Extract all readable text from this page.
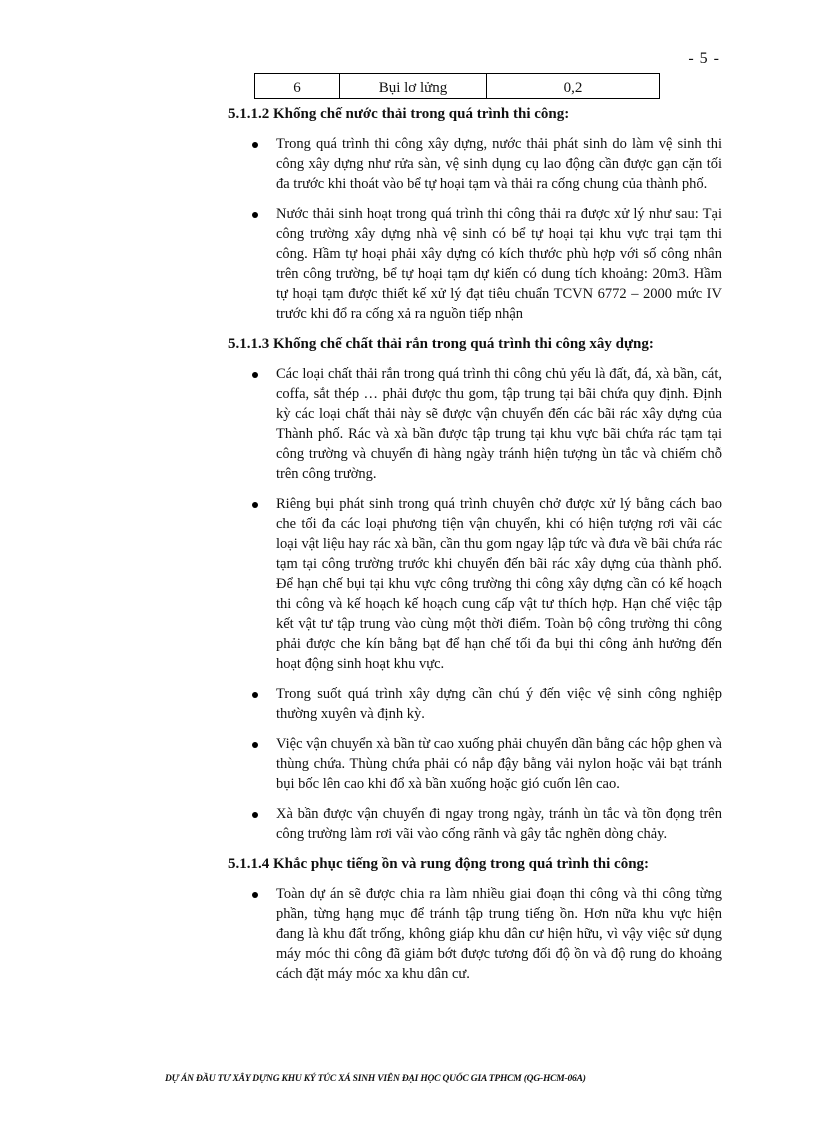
- 5 -
6	Bụi lơ lửng	0,2
5.1.1.2 Khống chế nước thải trong quá trình thi công:
Trong quá trình thi công xây dựng, nước thải phát sinh do làm vệ sinh thi công xây dựng như rửa sàn, vệ sinh dụng cụ lao động cần được gạn cặn tối đa trước khi thoát vào bể tự hoại tạm và thải ra cống chung của thành phố.
Nước thải sinh hoạt trong quá trình thi công thải ra được xử lý như sau: Tại công trường xây dựng nhà vệ sinh có bể tự hoại tại khu vực trại tạm thi công. Hầm tự hoại phải xây dựng có kích thước phù hợp với số công nhân trên công trường, bể tự hoại tạm dự kiến có dung tích khoảng: 20m3. Hầm tự hoại tạm được thiết kế xử lý đạt tiêu chuẩn TCVN 6772 – 2000 mức IV trước khi đổ ra cống xả ra nguồn tiếp nhận
5.1.1.3 Khống chế chất thải rắn trong quá trình thi công xây dựng:
Các loại chất thải rắn trong quá trình thi công chủ yếu là đất, đá, xà bần, cát, coffa, sắt thép … phải được thu gom, tập trung tại bãi chứa quy định. Định kỳ các loại chất thải này sẽ được vận chuyển đến các bãi rác xây dựng của Thành phố. Rác và xà bần được tập trung tại khu vực bãi chứa rác tạm tại công trường và chuyển đi hàng ngày tránh hiện tượng ùn tắc và chiếm chỗ trên công trường.
Riêng bụi phát sinh trong quá trình chuyên chở được xử lý bằng cách bao che tối đa các loại phương tiện vận chuyển, khi có hiện tượng rơi vãi các loại vật liệu hay rác xà bần, cần thu gom ngay lập tức và đưa về bãi chứa rác tạm tại công trường trước khi chuyển đến bãi rác xây dựng của thành phố. Để hạn chế bụi tại khu vực công trường thi công xây dựng cần có kế hoạch thi công và kế hoạch kế hoạch cung cấp vật tư thích hợp. Hạn chế việc tập kết vật tư tập trung vào cùng một thời điểm. Toàn bộ công trường thi công phải được che kín bằng bạt để hạn chế tối đa bụi thi công ảnh hưởng đến hoạt động sinh hoạt khu vực.
Trong suốt quá trình xây dựng cần chú ý đến việc vệ sinh công nghiệp thường xuyên và định kỳ.
Việc vận chuyển xà bần từ cao xuống phải chuyển dần bằng các hộp ghen và thùng chứa. Thùng chứa phải có nắp đậy bằng vải nylon hoặc vải bạt tránh bụi bốc lên cao khi đổ xà bần xuống hoặc gió cuốn lên cao.
Xà bần được vận chuyển đi ngay trong ngày, tránh ùn tắc và tồn đọng trên công trường làm rơi vãi vào cống rãnh và gây tắc nghẽn dòng chảy.
5.1.1.4 Khắc phục tiếng ồn và rung động trong quá trình thi công:
Toàn dự án sẽ được chia ra làm nhiều giai đoạn thi công và thi công từng phần, từng hạng mục để tránh tập trung tiếng ồn. Hơn nữa khu vực hiện đang là khu đất trống, không giáp khu dân cư hiện hữu, vì vậy việc sử dụng máy móc thi công đã giảm bớt được tương đối độ ồn và độ rung do khoảng cách đặt máy móc xa khu dân cư.
DỰ ÁN ĐẦU TƯ XÂY DỰNG KHU KÝ TÚC XÁ SINH VIÊN ĐẠI HỌC QUỐC GIA TPHCM (QG-HCM-06A)
